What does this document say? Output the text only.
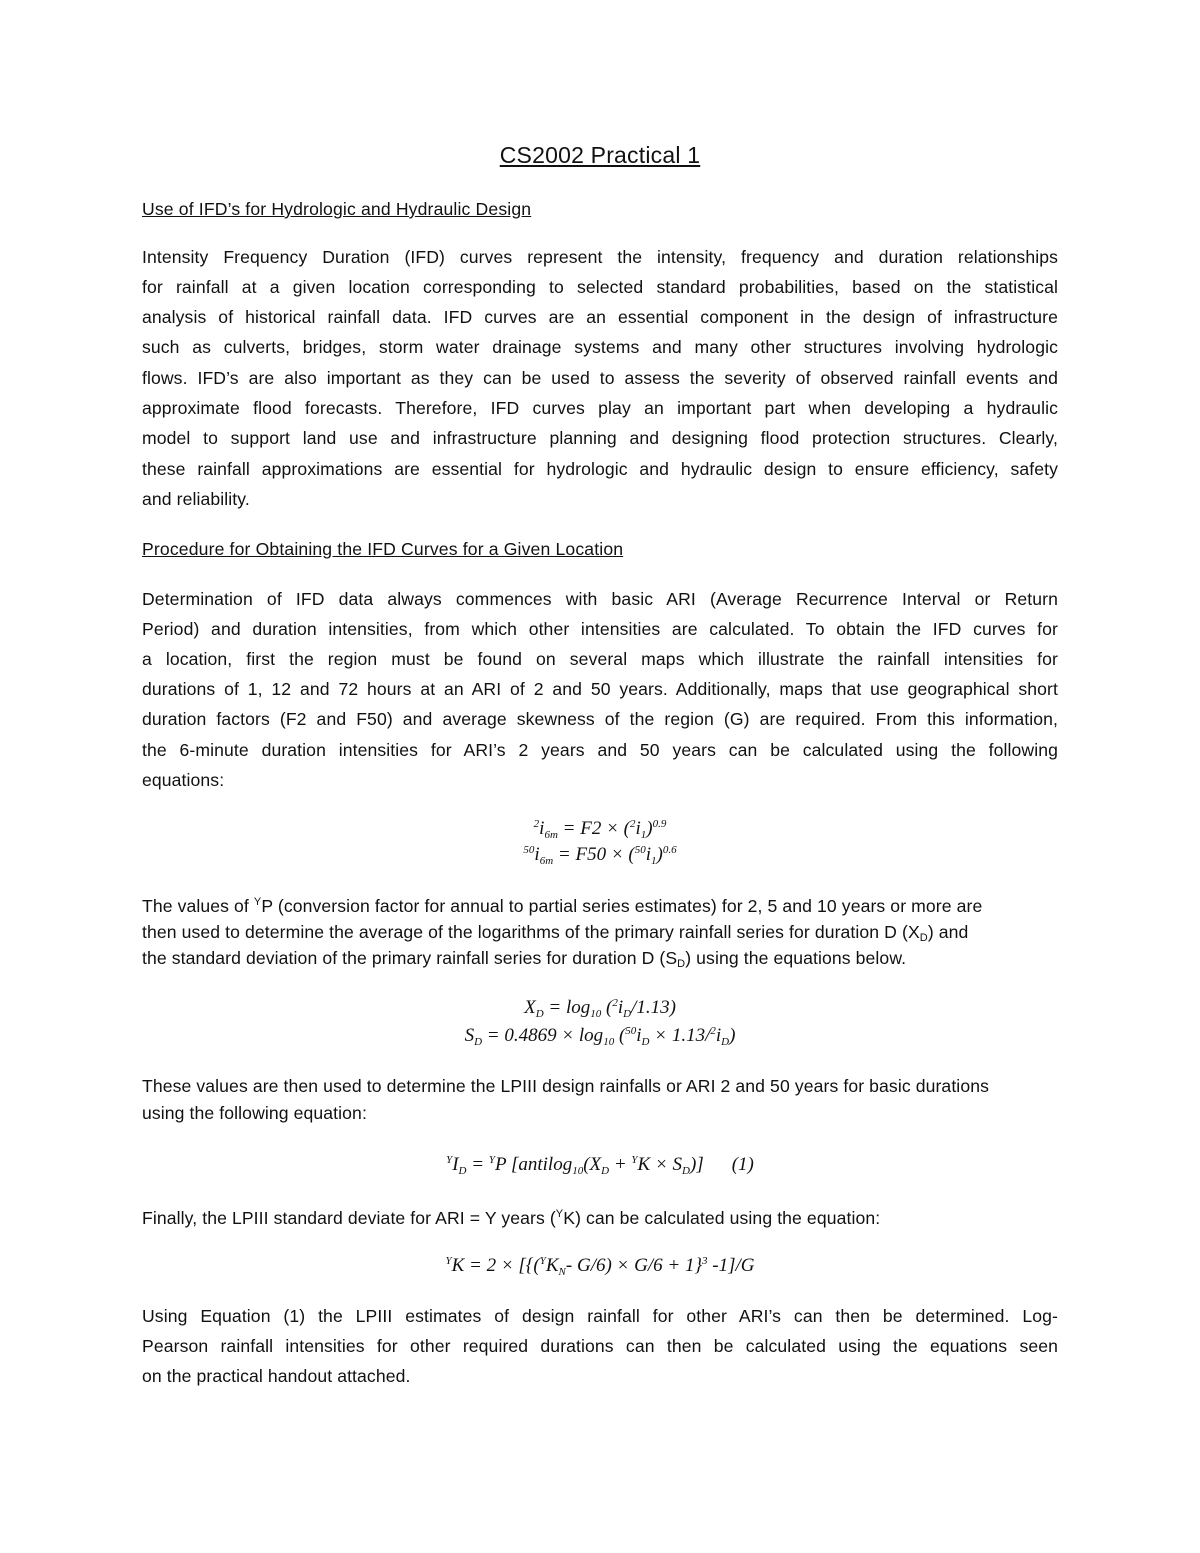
CS2002 Practical 1
Use of IFD’s for Hydrologic and Hydraulic Design
Intensity Frequency Duration (IFD) curves represent the intensity, frequency and duration relationships
for rainfall at a given location corresponding to selected standard probabilities, based on the statistical
analysis of historical rainfall data. IFD curves are an essential component in the design of infrastructure
such as culverts, bridges, storm water drainage systems and many other structures involving hydrologic
flows. IFD’s are also important as they can be used to assess the severity of observed rainfall events and
approximate flood forecasts. Therefore, IFD curves play an important part when developing a hydraulic
model to support land use and infrastructure planning and designing flood protection structures. Clearly,
these rainfall approximations are essential for hydrologic and hydraulic design to ensure efficiency, safety
and reliability.
Procedure for Obtaining the IFD Curves for a Given Location
Determination of IFD data always commences with basic ARI (Average Recurrence Interval or Return
Period) and duration intensities, from which other intensities are calculated. To obtain the IFD curves for
a location, first the region must be found on several maps which illustrate the rainfall intensities for
durations of 1, 12 and 72 hours at an ARI of 2 and 50 years. Additionally, maps that use geographical short
duration factors (F2 and F50) and average skewness of the region (G) are required. From this information,
the 6-minute duration intensities for ARI’s 2 years and 50 years can be calculated using the following
equations:
$^2i_{6m} = F2 \times (^2i_1)^{0.9}$
$^{50}i_{6m} = F50 \times (^{50}i_1)^{0.6}$
The values of $^Y$P (conversion factor for annual to partial series estimates) for 2, 5 and 10 years or more are
then used to determine the average of the logarithms of the primary rainfall series for duration D $(X_D)$ and
the standard deviation of the primary rainfall series for duration D $(S_D)$ using the equations below.
$X_D = \log_{10} (^2i_D/1.13)$
$S_D = 0.4869 \times \log_{10} (^{50}i_D \times 1.13/^2i_D)$
These values are then used to determine the LPIII design rainfalls or ARI 2 and 50 years for basic durations
using the following equation:
$^YI_D = ^YP$ $[antilog_{10}(X_D + ^YK \times S_D)]$ (1)
Finally, the LPIII standard deviate for ARI = Y years ($^Y$K) can be calculated using the equation:
$^YK = 2 \times [\{(^YK_N-$ G/6) × G/6 + 1}$^3$ -1]/G
Using Equation (1) the LPIII estimates of design rainfall for other ARI’s can then be determined. Log-
Pearson rainfall intensities for other required durations can then be calculated using the equations seen
on the practical handout attached.
